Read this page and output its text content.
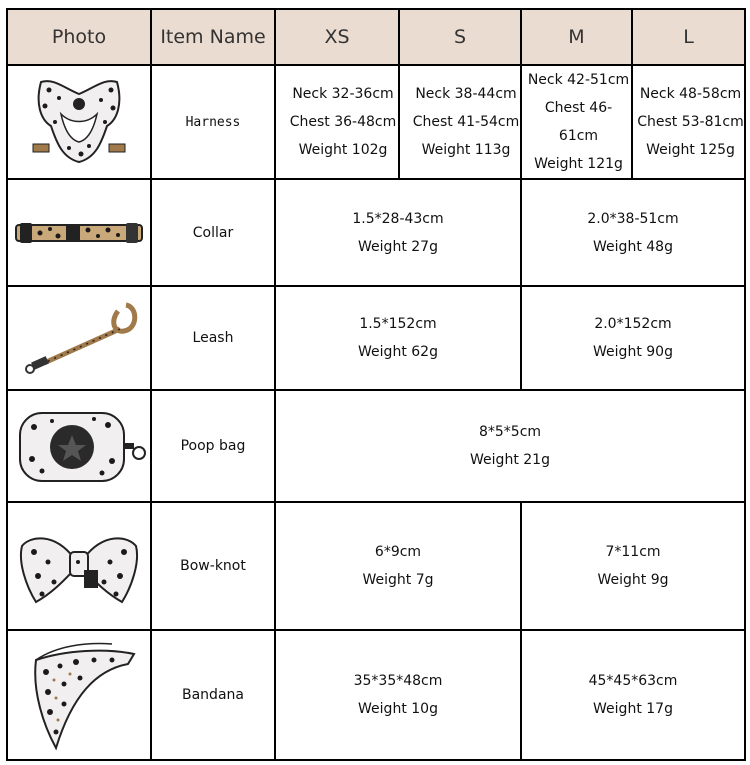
Photo	Item Name	XS	S	M	L

	Harness	Neck 32-36cm
Chest 36-48cm
Weight 102g	Neck 38-44cm
Chest 41-54cm
Weight 113g	Neck 42-51cm
Chest 46-61cm
Weight 121g	Neck 48-58cm
Chest 53-81cm
Weight 125g

	Collar	1.5*28-43cm
Weight 27g		2.0*38-51cm
Weight 48g	

	Leash	1.5*152cm
Weight 62g		2.0*152cm
Weight 90g	

	Poop bag	8*5*5cm
Weight 21g			

	Bow-knot	6*9cm
Weight 7g		7*11cm
Weight 9g	

	Bandana	35*35*48cm
Weight 10g		45*45*63cm
Weight 17g	
